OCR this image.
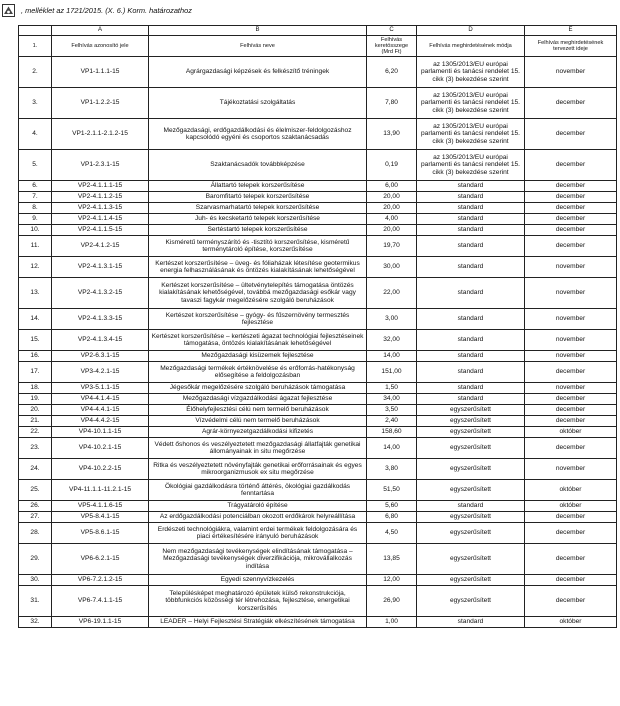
, melléklet az 1721/2015. (X. 6.) Korm. határozathoz
	A	B	C	D	E
1.	Felhívás azonosító jele	Felhívás neve	Felhívás keretösszege (Mrd Ft)	Felhívás meghirdetésének módja	Felhívás meghirdetésének tervezett ideje
2.	VP1-1.1.1-15	Agrárgazdasági képzések és felkészítő tréningek	6,20	az 1305/2013/EU európai parlamenti és tanácsi rendelet 15. cikk (3) bekezdése szerint	november
3.	VP1-1.2.2-15	Tájékoztatási szolgáltatás	7,80	az 1305/2013/EU európai parlamenti és tanácsi rendelet 15. cikk (3) bekezdése szerint	december
4.	VP1-2.1.1-2.1.2-15	Mezőgazdasági, erdőgazdálkodási és élelmiszer-feldolgozáshoz kapcsolódó egyéni és csoportos szaktanácsadás	13,90	az 1305/2013/EU európai parlamenti és tanácsi rendelet 15. cikk (3) bekezdése szerint	december
5.	VP1-2.3.1-15	Szaktanácsadók továbbképzése	0,19	az 1305/2013/EU európai parlamenti és tanácsi rendelet 15. cikk (3) bekezdése szerint	december
6.	VP2-4.1.1.1-15	Állattartó telepek korszerűsítése	6,00	standard	december
7.	VP2-4.1.1.2-15	Baromfitartó telepek korszerűsítése	20,00	standard	december
8.	VP2-4.1.1.3-15	Szarvasmarhatartó telepek korszerűsítése	20,00	standard	december
9.	VP2-4.1.1.4-15	Juh- és kecsketartó telepek korszerűsítése	4,00	standard	december
10.	VP2-4.1.1.5-15	Sertéstartó telepek korszerűsítése	20,00	standard	december
11.	VP2-4.1.2-15	Kisméretű terményszárító és -tisztító korszerűsítése, kisméretű terménytároló építése, korszerűsítése	19,70	standard	december
12.	VP2-4.1.3.1-15	Kertészet korszerűsítése – üveg- és fóliaházak létesítése geotermikus energia felhasználásának és öntözés kialakításának lehetőségével	30,00	standard	november
13.	VP2-4.1.3.2-15	Kertészet korszerűsítése – ültetvénytelepítés támogatása öntözés kialakításának lehetőségével, továbbá mezőgazdasági esőkár vagy tavaszi fagykár megelőzésére szolgáló beruházások	22,00	standard	november
14.	VP2-4.1.3.3-15	Kertészet korszerűsítése – gyógy- és fűszernövény termesztés fejlesztése	3,00	standard	november
15.	VP2-4.1.3.4-15	Kertészet korszerűsítése – kertészeti ágazat technológiai fejlesztéseinek támogatása, öntözés kialakításának lehetőségével	32,00	standard	november
16.	VP2-6.3.1-15	Mezőgazdasági kisüzemek fejlesztése	14,00	standard	november
17.	VP3-4.2.1-15	Mezőgazdasági termékek értéknövelése és erőforrás-hatékonyság elősegítése a feldolgozásban	151,00	standard	december
18.	VP3-5.1.1-15	Jégesőkár megelőzésére szolgáló beruházások támogatása	1,50	standard	november
19.	VP4-4.1.4-15	Mezőgazdasági vízgazdálkodási ágazat fejlesztése	34,00	standard	december
20.	VP4-4.4.1-15	Élőhelyfejlesztési célú nem termelő beruházások	3,50	egyszerűsített	december
21.	VP4-4.4.2-15	Vízvédelmi célú nem termelő beruházások	2,40	egyszerűsített	december
22.	VP4-10.1.1-15	Agrár-környezetgazdálkodási kifizetés	158,60	egyszerűsített	október
23.	VP4-10.2.1-15	Védett őshonos és veszélyeztetett mezőgazdasági állatfajták genetikai állományainak in situ megőrzése	14,00	egyszerűsített	december
24.	VP4-10.2.2-15	Ritka és veszélyeztetett növényfajták genetikai erőforrásainak és egyes mikroorganizmusok ex situ megőrzése	3,80	egyszerűsített	november
25.	VP4-11.1.1-11.2.1-15	Ökológiai gazdálkodásra történő áttérés, ökológiai gazdálkodás fenntartása	51,50	egyszerűsített	október
26.	VP5-4.1.1.6-15	Trágyatároló építése	5,60	standard	október
27.	VP5-8.4.1-15	Az erdőgazdálkodási potenciálban okozott erdőkárok helyreállítása	6,80	egyszerűsített	december
28.	VP5-8.6.1-15	Erdészeti technológiákra, valamint erdei termékek feldolgozására és piaci értékesítésére irányuló beruházások	4,50	egyszerűsített	december
29.	VP6-6.2.1-15	Nem mezőgazdasági tevékenységek elindításának támogatása – Mezőgazdasági tevékenységek diverzifikációja, mikrovállalkozás indítása	13,85	egyszerűsített	december
30.	VP6-7.2.1.2-15	Egyedi szennyvízkezelés	12,00	egyszerűsített	december
31.	VP6-7.4.1.1-15	Településképet meghatározó épületek külső rekonstrukciója, többfunkciós közösségi tér létrehozása, fejlesztése, energetikai korszerűsítés	26,90	egyszerűsített	december
32.	VP6-19.1.1-15	LEADER – Helyi Fejlesztési Stratégiák elkészítésének támogatása	1,00	standard	október
